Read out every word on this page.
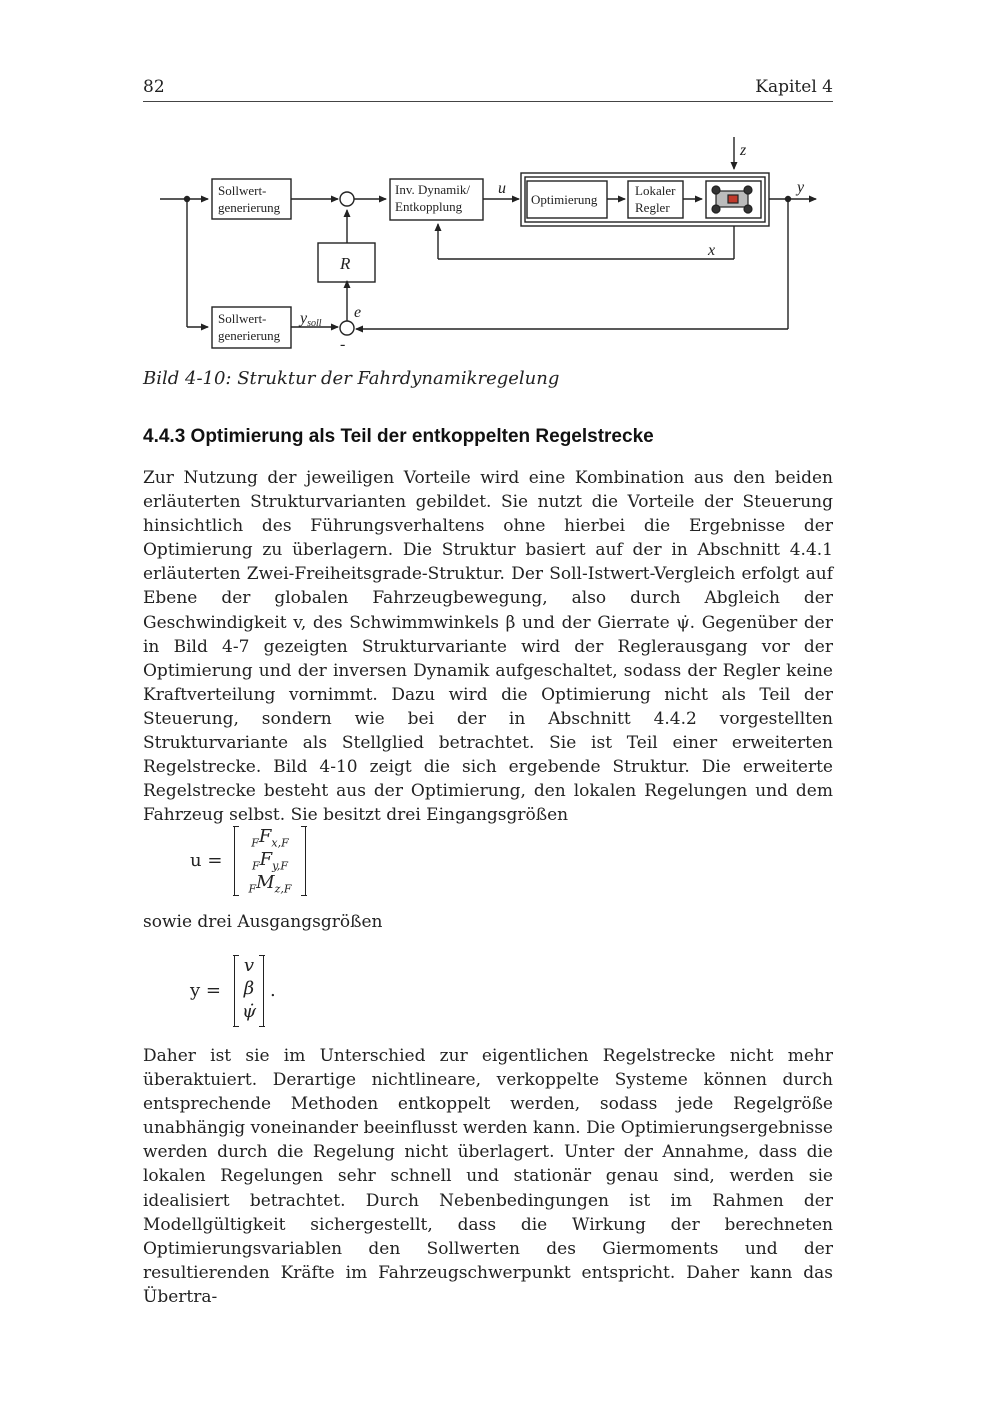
82	Kapitel 4
Sollwert-
generierung
Inv. Dynamik/
Entkopplung
u
Optimierung
Lokaler
Regler
z
y
x
Sollwert-
generierung
ysoll
-
e
R
Bild 4-10: Struktur der Fahrdynamikregelung
4.4.3 Optimierung als Teil der entkoppelten Regelstrecke

Zur Nutzung der jeweiligen Vorteile wird eine Kombination aus den beiden erläuterten Strukturvarianten gebildet. Sie nutzt die Vorteile der Steuerung hinsichtlich des Führungsverhaltens ohne hierbei die Ergebnisse der Optimierung zu überlagern. Die Struktur basiert auf der in Abschnitt 4.4.1 erläuterten Zwei-Freiheitsgrade-Struktur. Der Soll-Istwert-Vergleich erfolgt auf Ebene der globalen Fahrzeugbewegung, also durch Abgleich der Geschwindigkeit v, des Schwimmwinkels β und der Gierrate ψ̇. Gegenüber der in Bild 4-7 gezeigten Strukturvariante wird der Reglerausgang vor der Optimierung und der inversen Dynamik aufgeschaltet, sodass der Regler keine Kraftverteilung vornimmt. Dazu wird die Optimierung nicht als Teil der Steuerung, sondern wie bei der in Abschnitt 4.4.2 vorgestellten Strukturvariante als Stellglied betrachtet. Sie ist Teil einer erweiterten Regelstrecke. Bild 4-10 zeigt die sich ergebende Struktur. Die erweiterte Regelstrecke besteht aus der Optimierung, den lokalen Regelungen und dem Fahrzeug selbst. Sie besitzt drei Eingangsgrößen

u =
$_FF_{x,F}$
$_FF_{y,F}$
$_FM_{z,F}$
sowie drei Ausgangsgrößen
y =
v
β
ψ̇
.

Daher ist sie im Unterschied zur eigentlichen Regelstrecke nicht mehr überaktuiert. Derartige nichtlineare, verkoppelte Systeme können durch entsprechende Methoden entkoppelt werden, sodass jede Regelgröße unabhängig voneinander beeinflusst werden kann. Die Optimierungsergebnisse werden durch die Regelung nicht überlagert. Unter der Annahme, dass die lokalen Regelungen sehr schnell und stationär genau sind, werden sie idealisiert betrachtet. Durch Nebenbedingungen ist im Rahmen der Modellgültigkeit sichergestellt, dass die Wirkung der berechneten Optimierungsvariablen den Sollwerten des Giermoments und der resultierenden Kräfte im Fahrzeugschwerpunkt entspricht. Daher kann das Übertra-
